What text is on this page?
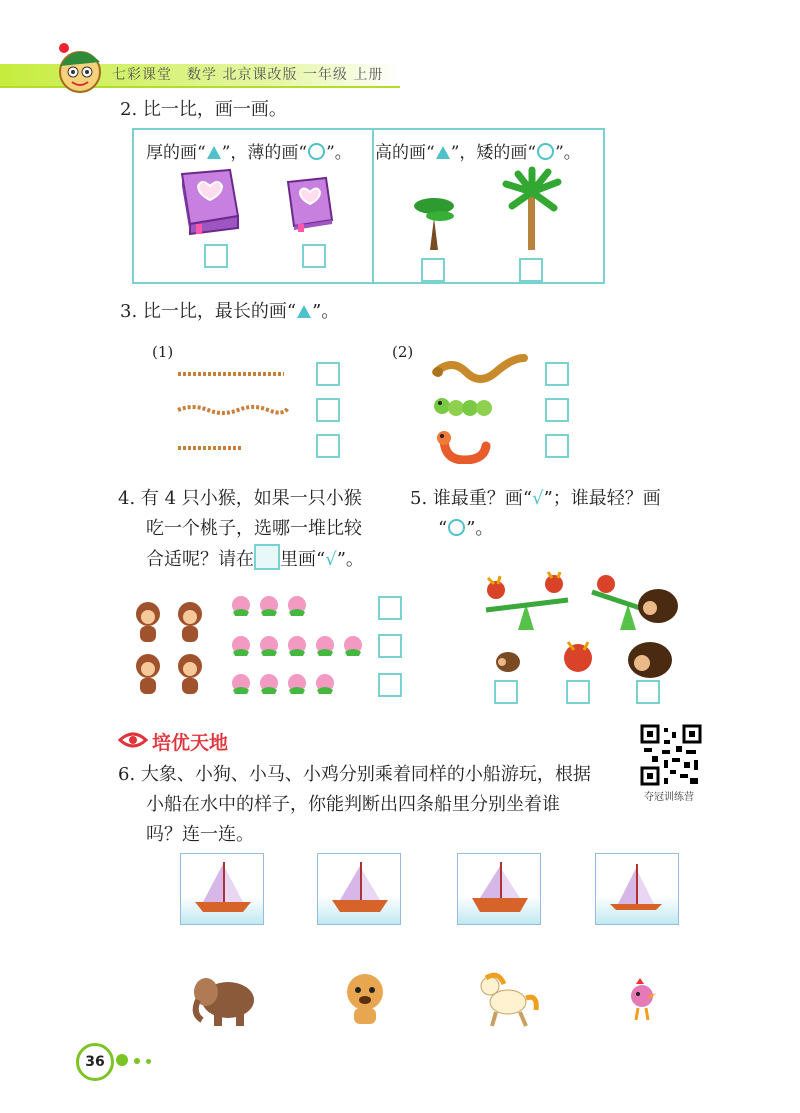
七彩课堂　数学 北京课改版 一年级 上册
2. 比一比，画一画。
厚的画“ ”，薄的画“ ”。 高的画“ ”，矮的画“ ”。
3. 比一比，最长的画“ ”。
(1)	(2)
4. 有 4 只小猴，如果一只小猴
吃一个桃子，选哪一堆比较
合适呢？请在 里画“√”。
5. 谁最重？画“√”；谁最轻？画
“ ”。
培优天地
夺冠训练营
6. 大象、小狗、小马、小鸡分别乘着同样的小船游玩，根据
小船在水中的样子，你能判断出四条船里分别坐着谁
吗？连一连。
36
